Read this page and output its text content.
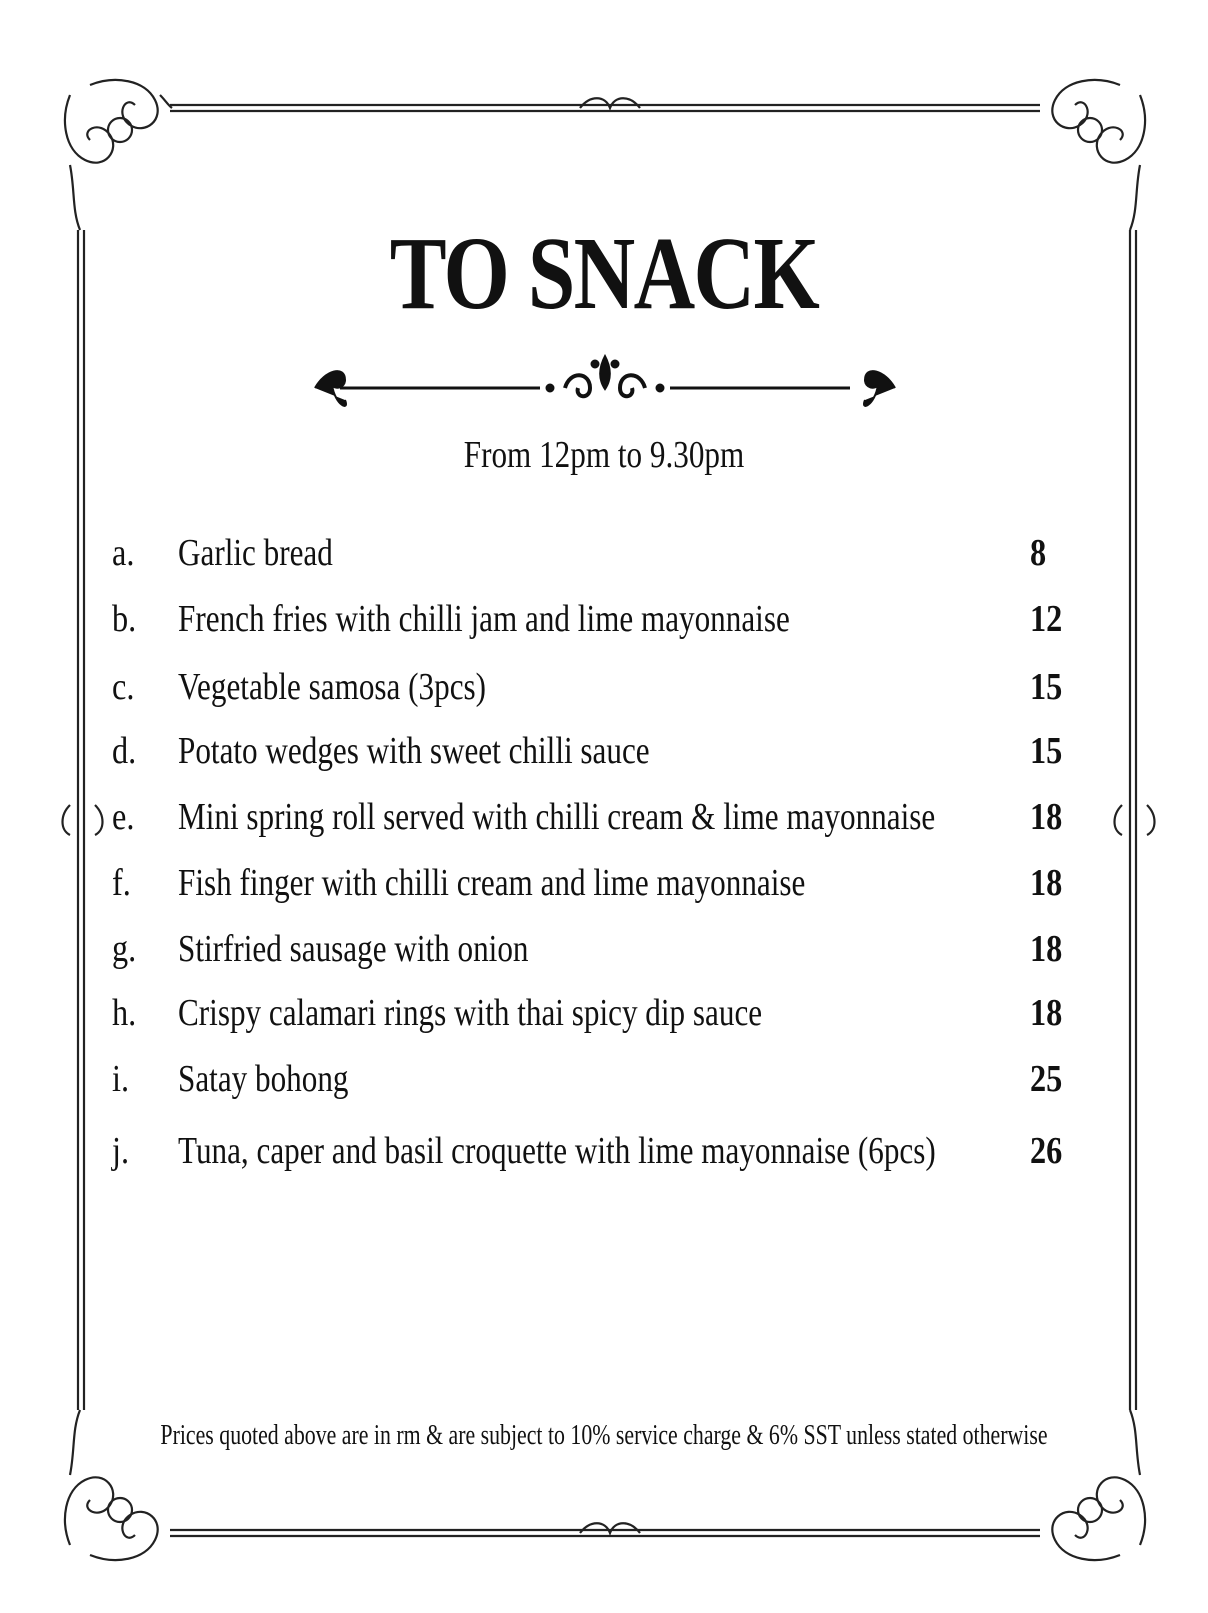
TO SNACK
From 12pm to 9.30pm
a.	Garlic bread	8
b.	French fries with chilli jam and lime mayonnaise	12
c.	Vegetable samosa (3pcs)	15
d.	Potato wedges with sweet chilli sauce	15
e.	Mini spring roll served with chilli cream & lime mayonnaise 18
f.	Fish finger with chilli cream and lime mayonnaise	18
g.	Stirfried sausage with onion	18
h.	Crispy calamari rings with thai spicy dip sauce	18
i.	Satay bohong	25
j.	Tuna, caper and basil croquette with lime mayonnaise (6pcs) 26
Prices quoted above are in rm & are subject to 10% service charge & 6% SST unless stated otherwise
